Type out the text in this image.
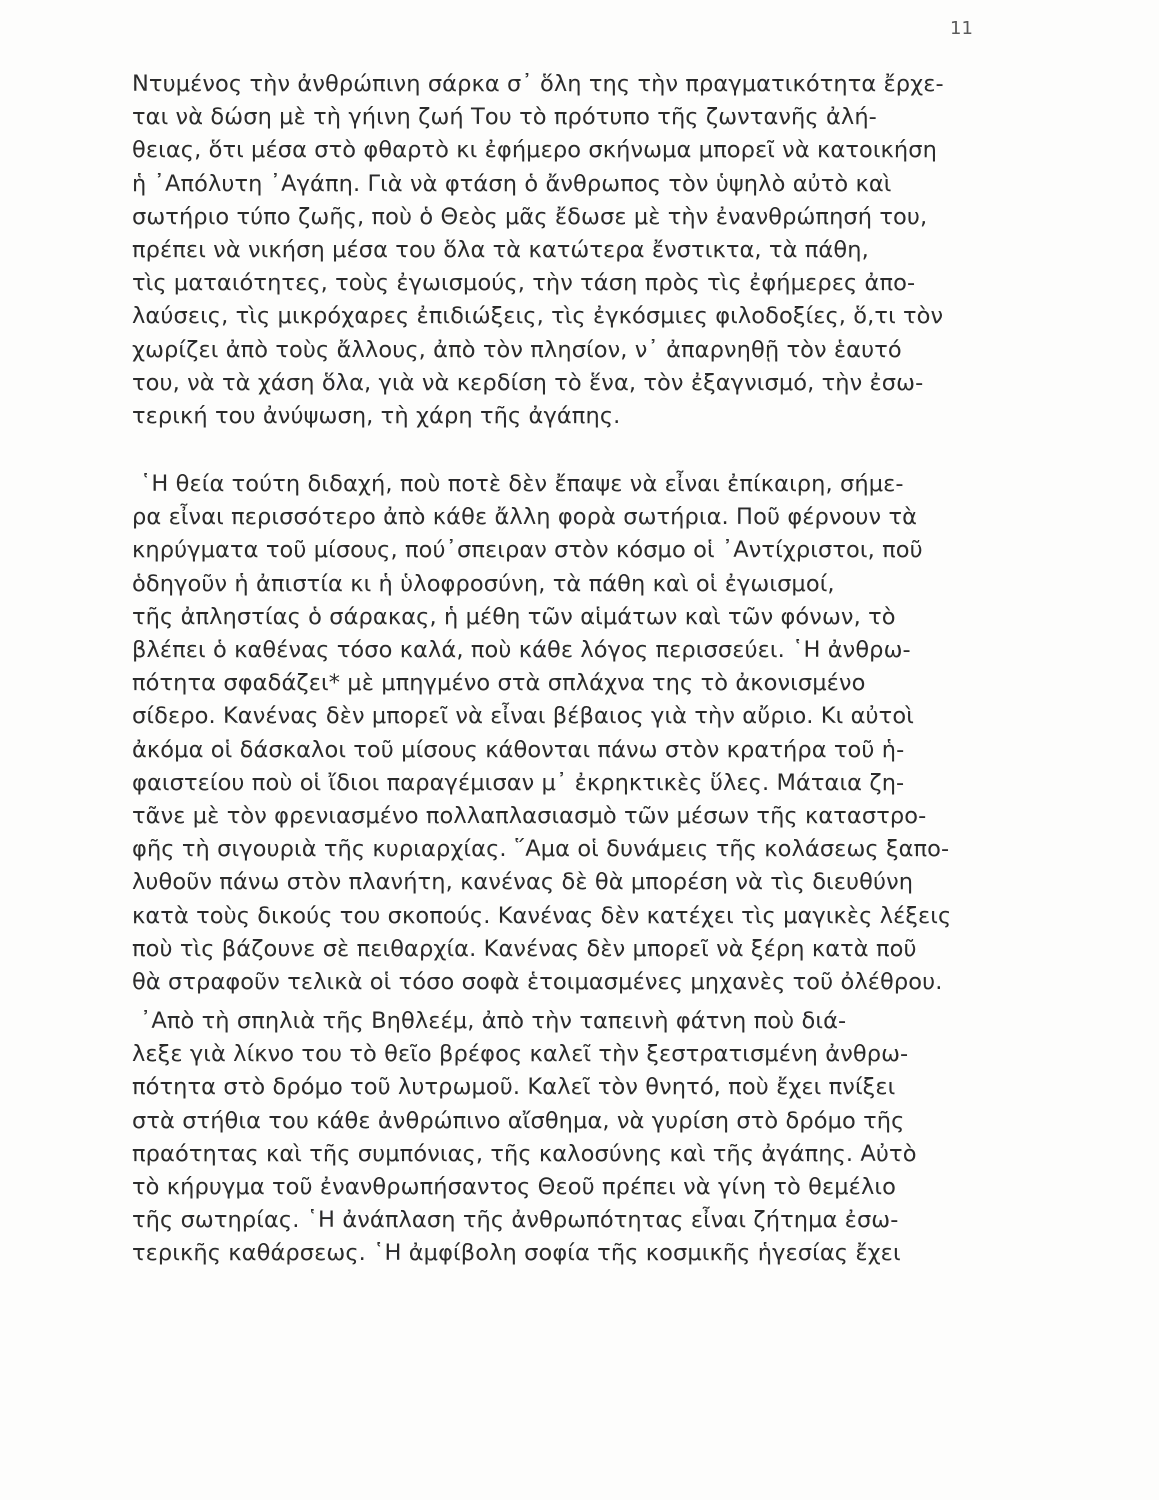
11
Ντυμένος τὴν ἀνθρώπινη σάρκα σ᾽ ὅλη της τὴν πραγματικότητα ἔρχε-
ται νὰ δώση μὲ τὴ γήινη ζωή Του τὸ πρότυπο τῆς ζωντανῆς ἀλή-
θειας, ὅτι μέσα στὸ φθαρτὸ κι ἐφήμερο σκήνωμα μπορεῖ νὰ κατοικήση
ἡ ᾽Απόλυτη ᾽Αγάπη. Γιὰ νὰ φτάση ὁ ἄνθρωπος τὸν ὑψηλὸ αὐτὸ καὶ
σωτήριο τύπο ζωῆς, ποὺ ὁ Θεὸς μᾶς ἔδωσε μὲ τὴν ἐνανθρώπησή του,
πρέπει νὰ νικήση μέσα του ὅλα τὰ κατώτερα ἔνστικτα, τὰ πάθη,
τὶς ματαιότητες, τοὺς ἐγωισμούς, τὴν τάση πρὸς τὶς ἐφήμερες ἀπο-
λαύσεις, τὶς μικρόχαρες ἐπιδιώξεις, τὶς ἐγκόσμιες φιλοδοξίες, ὅ,τι τὸν
χωρίζει ἀπὸ τοὺς ἄλλους, ἀπὸ τὸν πλησίον, ν᾽ ἀπαρνηθῇ τὸν ἑαυτό
του, νὰ τὰ χάση ὅλα, γιὰ νὰ κερδίση τὸ ἕνα, τὸν ἐξαγνισμό, τὴν ἐσω-
τερική του ἀνύψωση, τὴ χάρη τῆς ἀγάπης.
῾Η θεία τούτη διδαχή, ποὺ ποτὲ δὲν ἔπαψε νὰ εἶναι ἐπίκαιρη, σήμε-
ρα εἶναι περισσότερο ἀπὸ κάθε ἄλλη φορὰ σωτήρια. Ποῦ φέρνουν τὰ
κηρύγματα τοῦ μίσους, πού᾽σπειραν στὸν κόσμο οἱ ᾽Αντίχριστοι, ποῦ
ὁδηγοῦν ἡ ἀπιστία κι ἡ ὑλοφροσύνη, τὰ πάθη καὶ οἱ ἐγωισμοί,
τῆς ἀπληστίας ὁ σάρακας, ἡ μέθη τῶν αἱμάτων καὶ τῶν φόνων, τὸ
βλέπει ὁ καθένας τόσο καλά, ποὺ κάθε λόγος περισσεύει. ῾Η ἀνθρω-
πότητα σφαδάζει* μὲ μπηγμένο στὰ σπλάχνα της τὸ ἀκονισμένο
σίδερο. Κανένας δὲν μπορεῖ νὰ εἶναι βέβαιος γιὰ τὴν αὔριο. Κι αὐτοὶ
ἀκόμα οἱ δάσκαλοι τοῦ μίσους κάθονται πάνω στὸν κρατήρα τοῦ ἡ-
φαιστείου ποὺ οἱ ἴδιοι παραγέμισαν μ᾽ ἐκρηκτικὲς ὕλες. Μάταια ζη-
τᾶνε μὲ τὸν φρενιασμένο πολλαπλασιασμὸ τῶν μέσων τῆς καταστρο-
φῆς τὴ σιγουριὰ τῆς κυριαρχίας. ῞Αμα οἱ δυνάμεις τῆς κολάσεως ξαπο-
λυθοῦν πάνω στὸν πλανήτη, κανένας δὲ θὰ μπορέση νὰ τὶς διευθύνη
κατὰ τοὺς δικούς του σκοπούς. Κανένας δὲν κατέχει τὶς μαγικὲς λέξεις
ποὺ τὶς βάζουνε σὲ πειθαρχία. Κανένας δὲν μπορεῖ νὰ ξέρη κατὰ ποῦ
θὰ στραφοῦν τελικὰ οἱ τόσο σοφὰ ἑτοιμασμένες μηχανὲς τοῦ ὀλέθρου.
᾽Απὸ τὴ σπηλιὰ τῆς Βηθλεέμ, ἀπὸ τὴν ταπεινὴ φάτνη ποὺ διά-
λεξε γιὰ λίκνο του τὸ θεῖο βρέφος καλεῖ τὴν ξεστρατισμένη ἀνθρω-
πότητα στὸ δρόμο τοῦ λυτρωμοῦ. Καλεῖ τὸν θνητό, ποὺ ἔχει πνίξει
στὰ στήθια του κάθε ἀνθρώπινο αἴσθημα, νὰ γυρίση στὸ δρόμο τῆς
πραότητας καὶ τῆς συμπόνιας, τῆς καλοσύνης καὶ τῆς ἀγάπης. Αὐτὸ
τὸ κήρυγμα τοῦ ἐνανθρωπήσαντος Θεοῦ πρέπει νὰ γίνη τὸ θεμέλιο
τῆς σωτηρίας. ῾Η ἀνάπλαση τῆς ἀνθρωπότητας εἶναι ζήτημα ἐσω-
τερικῆς καθάρσεως. ῾Η ἀμφίβολη σοφία τῆς κοσμικῆς ἡγεσίας ἔχει
